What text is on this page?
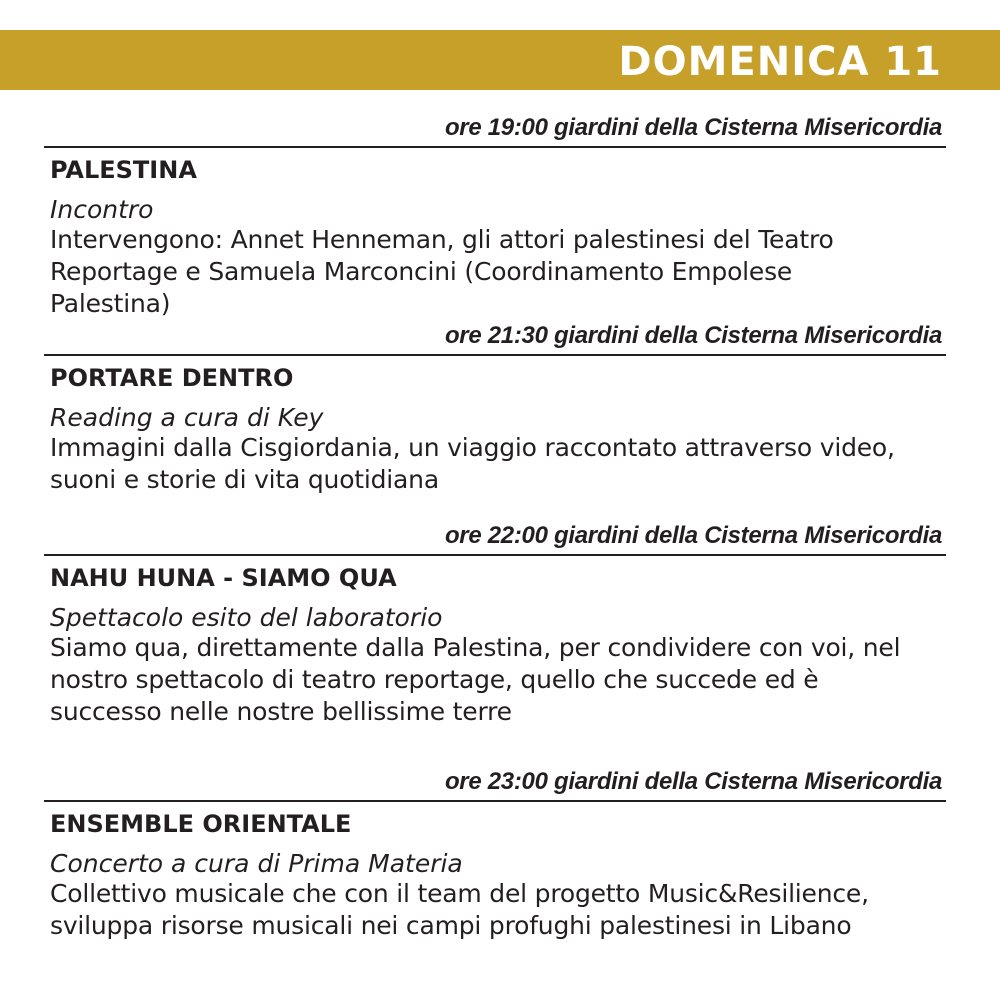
DOMENICA 11
ore 19:00 giardini della Cisterna Misericordia
PALESTINA
Incontro
Intervengono: Annet Henneman, gli attori palestinesi del Teatro
Reportage e Samuela Marconcini (Coordinamento Empolese
Palestina)
ore 21:30 giardini della Cisterna Misericordia
PORTARE DENTRO
Reading a cura di Key
Immagini dalla Cisgiordania, un viaggio raccontato attraverso video,
suoni e storie di vita quotidiana
ore 22:00 giardini della Cisterna Misericordia
NAHU HUNA - SIAMO QUA
Spettacolo esito del laboratorio
Siamo qua, direttamente dalla Palestina, per condividere con voi, nel
nostro spettacolo di teatro reportage, quello che succede ed è
successo nelle nostre bellissime terre
ore 23:00 giardini della Cisterna Misericordia
ENSEMBLE ORIENTALE
Concerto a cura di Prima Materia
Collettivo musicale che con il team del progetto Music&Resilience,
sviluppa risorse musicali nei campi profughi palestinesi in Libano
